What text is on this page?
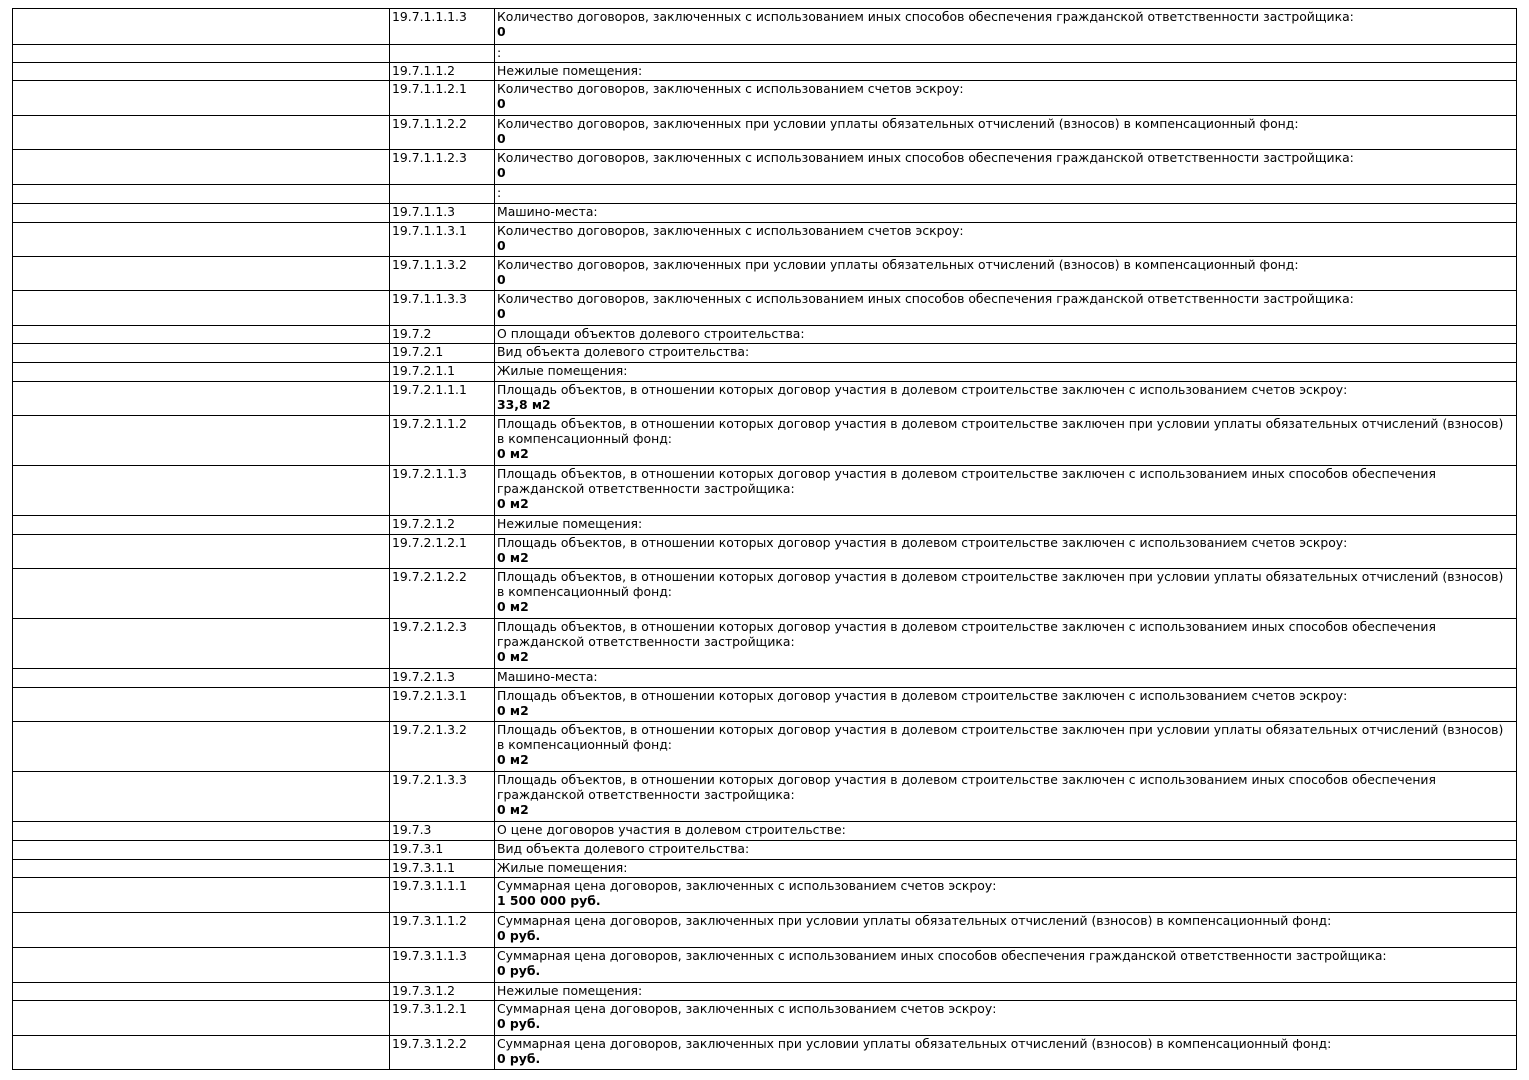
	19.7.1.1.1.3	Количество договоров, заключенных с использованием иных способов обеспечения гражданской ответственности застройщика:
0

		:
	19.7.1.1.2	Нежилые помещения:
	19.7.1.1.2.1	Количество договоров, заключенных с использованием счетов эскроу:
0

	19.7.1.1.2.2	Количество договоров, заключенных при условии уплаты обязательных отчислений (взносов) в компенсационный фонд:
0

	19.7.1.1.2.3	Количество договоров, заключенных с использованием иных способов обеспечения гражданской ответственности застройщика:
0

		:
	19.7.1.1.3	Машино-места:
	19.7.1.1.3.1	Количество договоров, заключенных с использованием счетов эскроу:
0

	19.7.1.1.3.2	Количество договоров, заключенных при условии уплаты обязательных отчислений (взносов) в компенсационный фонд:
0

	19.7.1.1.3.3	Количество договоров, заключенных с использованием иных способов обеспечения гражданской ответственности застройщика:
0

	19.7.2	О площади объектов долевого строительства:
	19.7.2.1	Вид объекта долевого строительства:
	19.7.2.1.1	Жилые помещения:
	19.7.2.1.1.1	Площадь объектов, в отношении которых договор участия в долевом строительстве заключен с использованием счетов эскроу:
33,8 м2

	19.7.2.1.1.2	Площадь объектов, в отношении которых договор участия в долевом строительстве заключен при условии уплаты обязательных отчислений (взносов) в компенсационный фонд:
0 м2

	19.7.2.1.1.3	Площадь объектов, в отношении которых договор участия в долевом строительстве заключен с использованием иных способов обеспечения гражданской ответственности застройщика:
0 м2

	19.7.2.1.2	Нежилые помещения:
	19.7.2.1.2.1	Площадь объектов, в отношении которых договор участия в долевом строительстве заключен с использованием счетов эскроу:
0 м2

	19.7.2.1.2.2	Площадь объектов, в отношении которых договор участия в долевом строительстве заключен при условии уплаты обязательных отчислений (взносов) в компенсационный фонд:
0 м2

	19.7.2.1.2.3	Площадь объектов, в отношении которых договор участия в долевом строительстве заключен с использованием иных способов обеспечения гражданской ответственности застройщика:
0 м2

	19.7.2.1.3	Машино-места:
	19.7.2.1.3.1	Площадь объектов, в отношении которых договор участия в долевом строительстве заключен с использованием счетов эскроу:
0 м2

	19.7.2.1.3.2	Площадь объектов, в отношении которых договор участия в долевом строительстве заключен при условии уплаты обязательных отчислений (взносов) в компенсационный фонд:
0 м2

	19.7.2.1.3.3	Площадь объектов, в отношении которых договор участия в долевом строительстве заключен с использованием иных способов обеспечения гражданской ответственности застройщика:
0 м2

	19.7.3	О цене договоров участия в долевом строительстве:
	19.7.3.1	Вид объекта долевого строительства:
	19.7.3.1.1	Жилые помещения:
	19.7.3.1.1.1	Суммарная цена договоров, заключенных с использованием счетов эскроу:
1 500 000 руб.

	19.7.3.1.1.2	Суммарная цена договоров, заключенных при условии уплаты обязательных отчислений (взносов) в компенсационный фонд:
0 руб.

	19.7.3.1.1.3	Суммарная цена договоров, заключенных с использованием иных способов обеспечения гражданской ответственности застройщика:
0 руб.

	19.7.3.1.2	Нежилые помещения:
	19.7.3.1.2.1	Суммарная цена договоров, заключенных с использованием счетов эскроу:
0 руб.

	19.7.3.1.2.2	Суммарная цена договоров, заключенных при условии уплаты обязательных отчислений (взносов) в компенсационный фонд:
0 руб.
